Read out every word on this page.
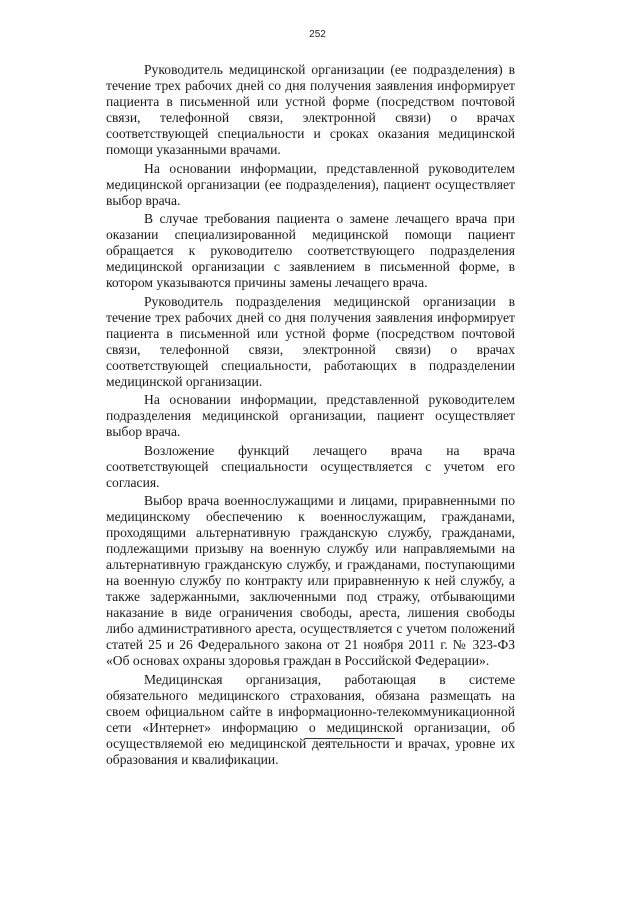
252

Руководитель медицинской организации (ее подразделения) в течение трех рабочих дней со дня получения заявления информирует пациента в письменной или устной форме (посредством почтовой связи, телефонной связи, электронной связи) о врачах соответствующей специальности и сроках оказания медицинской помощи указанными врачами.

На основании информации, представленной руководителем медицинской организации (ее подразделения), пациент осуществляет выбор врача.

В случае требования пациента о замене лечащего врача при оказании специализированной медицинской помощи пациент обращается к руководителю соответствующего подразделения медицинской организации с заявлением в письменной форме, в котором указываются причины замены лечащего врача.

Руководитель подразделения медицинской организации в течение трех рабочих дней со дня получения заявления информирует пациента в письменной или устной форме (посредством почтовой связи, телефонной связи, электронной связи) о врачах соответствующей специальности, работающих в подразделении медицинской организации.

На основании информации, представленной руководителем подразделения медицинской организации, пациент осуществляет выбор врача.

Возложение функций лечащего врача на врача соответствующей специальности осуществляется с учетом его согласия.

Выбор врача военнослужащими и лицами, приравненными по медицинскому обеспечению к военнослужащим, гражданами, проходящими альтернативную гражданскую службу, гражданами, подлежащими призыву на военную службу или направляемыми на альтернативную гражданскую службу, и гражданами, поступающими на военную службу по контракту или приравненную к ней службу, а также задержанными, заключенными под стражу, отбывающими наказание в виде ограничения свободы, ареста, лишения свободы либо административного ареста, осуществляется с учетом положений статей 25 и 26 Федерального закона от 21 ноября 2011 г. № 323-ФЗ «Об основах охраны здоровья граждан в Российской Федерации».

Медицинская организация, работающая в системе обязательного медицинского страхования, обязана размещать на своем официальном сайте в информационно-телекоммуникационной сети «Интернет» информацию о медицинской организации, об осуществляемой ею медицинской деятельности и врачах, уровне их образования и квалификации.
